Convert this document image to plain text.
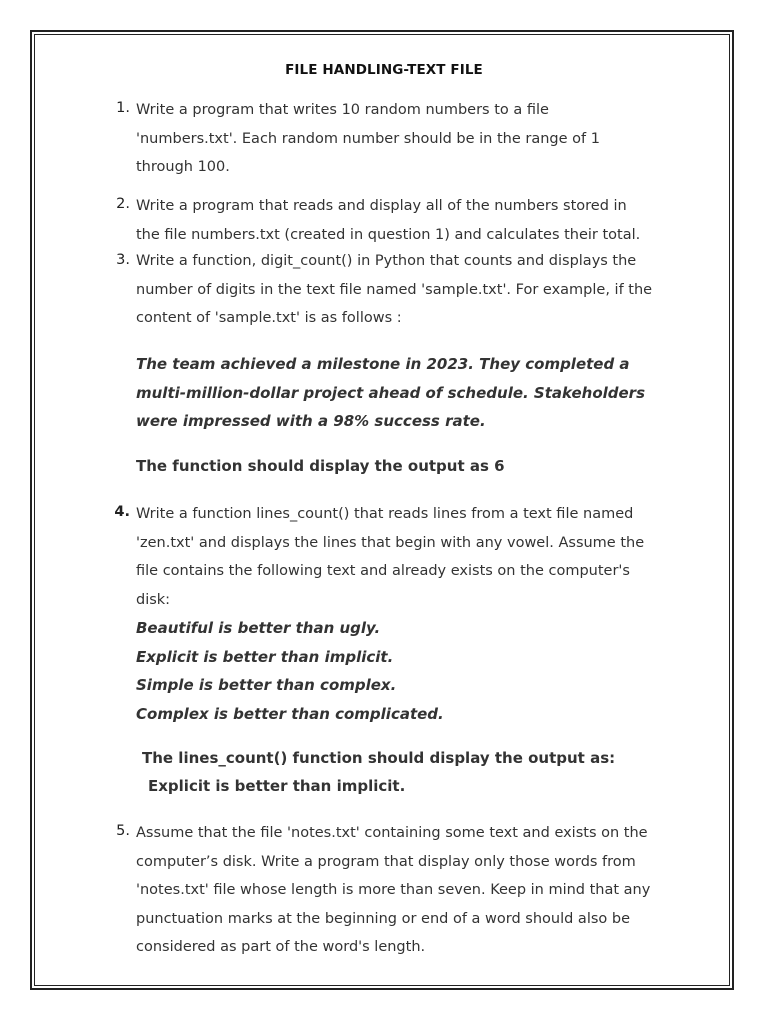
FILE HANDLING-TEXT FILE
1. Write a program that writes 10 random numbers to a file
'numbers.txt'. Each random number should be in the range of 1
through 100.
2. Write a program that reads and display all of the numbers stored in
the file numbers.txt (created in question 1) and calculates their total.
3. Write a function, digit_count() in Python that counts and displays the
number of digits in the text file named 'sample.txt'. For example, if the
content of 'sample.txt' is as follows :
The team achieved a milestone in 2023. They completed a
multi-million-dollar project ahead of schedule. Stakeholders
were impressed with a 98% success rate.
The function should display the output as 6
4. Write a function lines_count() that reads lines from a text file named
'zen.txt' and displays the lines that begin with any vowel. Assume the
file contains the following text and already exists on the computer's
disk:
Beautiful is better than ugly.
Explicit is better than implicit.
Simple is better than complex.
Complex is better than complicated.
The lines_count() function should display the output as:
Explicit is better than implicit.
5. Assume that the file 'notes.txt' containing some text and exists on the
computer’s disk. Write a program that display only those words from
'notes.txt' file whose length is more than seven. Keep in mind that any
punctuation marks at the beginning or end of a word should also be
considered as part of the word's length.
